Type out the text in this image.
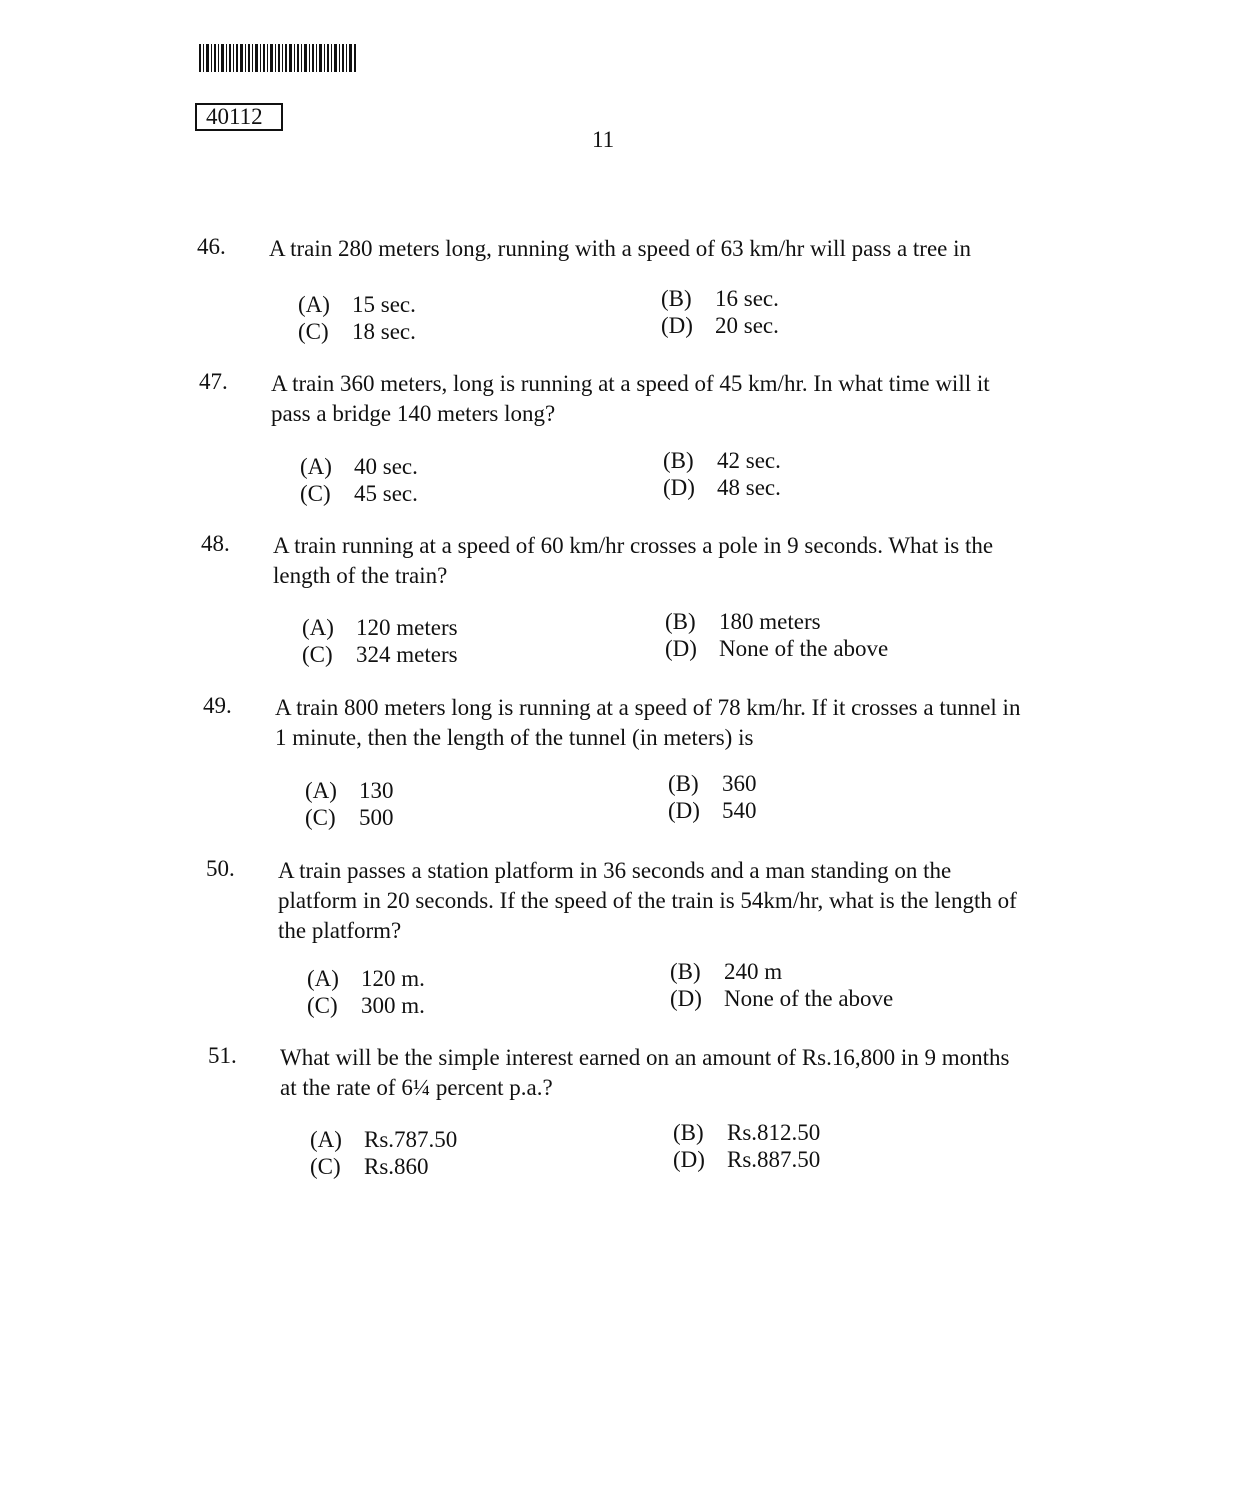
40112
11
46. A train 280 meters long, running with a speed of 63 km/hr will pass a tree in
(A) 15 sec.	(B) 16 sec.
(C) 18 sec.	(D) 20 sec.
47. A train 360 meters, long is running at a speed of 45 km/hr. In what time will it pass a bridge 140 meters long?
(A) 40 sec.	(B) 42 sec.
(C) 45 sec.	(D) 48 sec.
48. A train running at a speed of 60 km/hr crosses a pole in 9 seconds. What is the length of the train?
(A) 120 meters	(B) 180 meters
(C) 324 meters	(D) None of the above
49. A train 800 meters long is running at a speed of 78 km/hr. If it crosses a tunnel in 1 minute, then the length of the tunnel (in meters) is
(A) 130	(B) 360
(C) 500	(D) 540
50. A train passes a station platform in 36 seconds and a man standing on the platform in 20 seconds. If the speed of the train is 54km/hr, what is the length of the platform?
(A) 120 m.	(B) 240 m
(C) 300 m.	(D) None of the above
51. What will be the simple interest earned on an amount of Rs.16,800 in 9 months at the rate of 6¼ percent p.a.?
(A) Rs.787.50	(B) Rs.812.50
(C) Rs.860	(D) Rs.887.50
